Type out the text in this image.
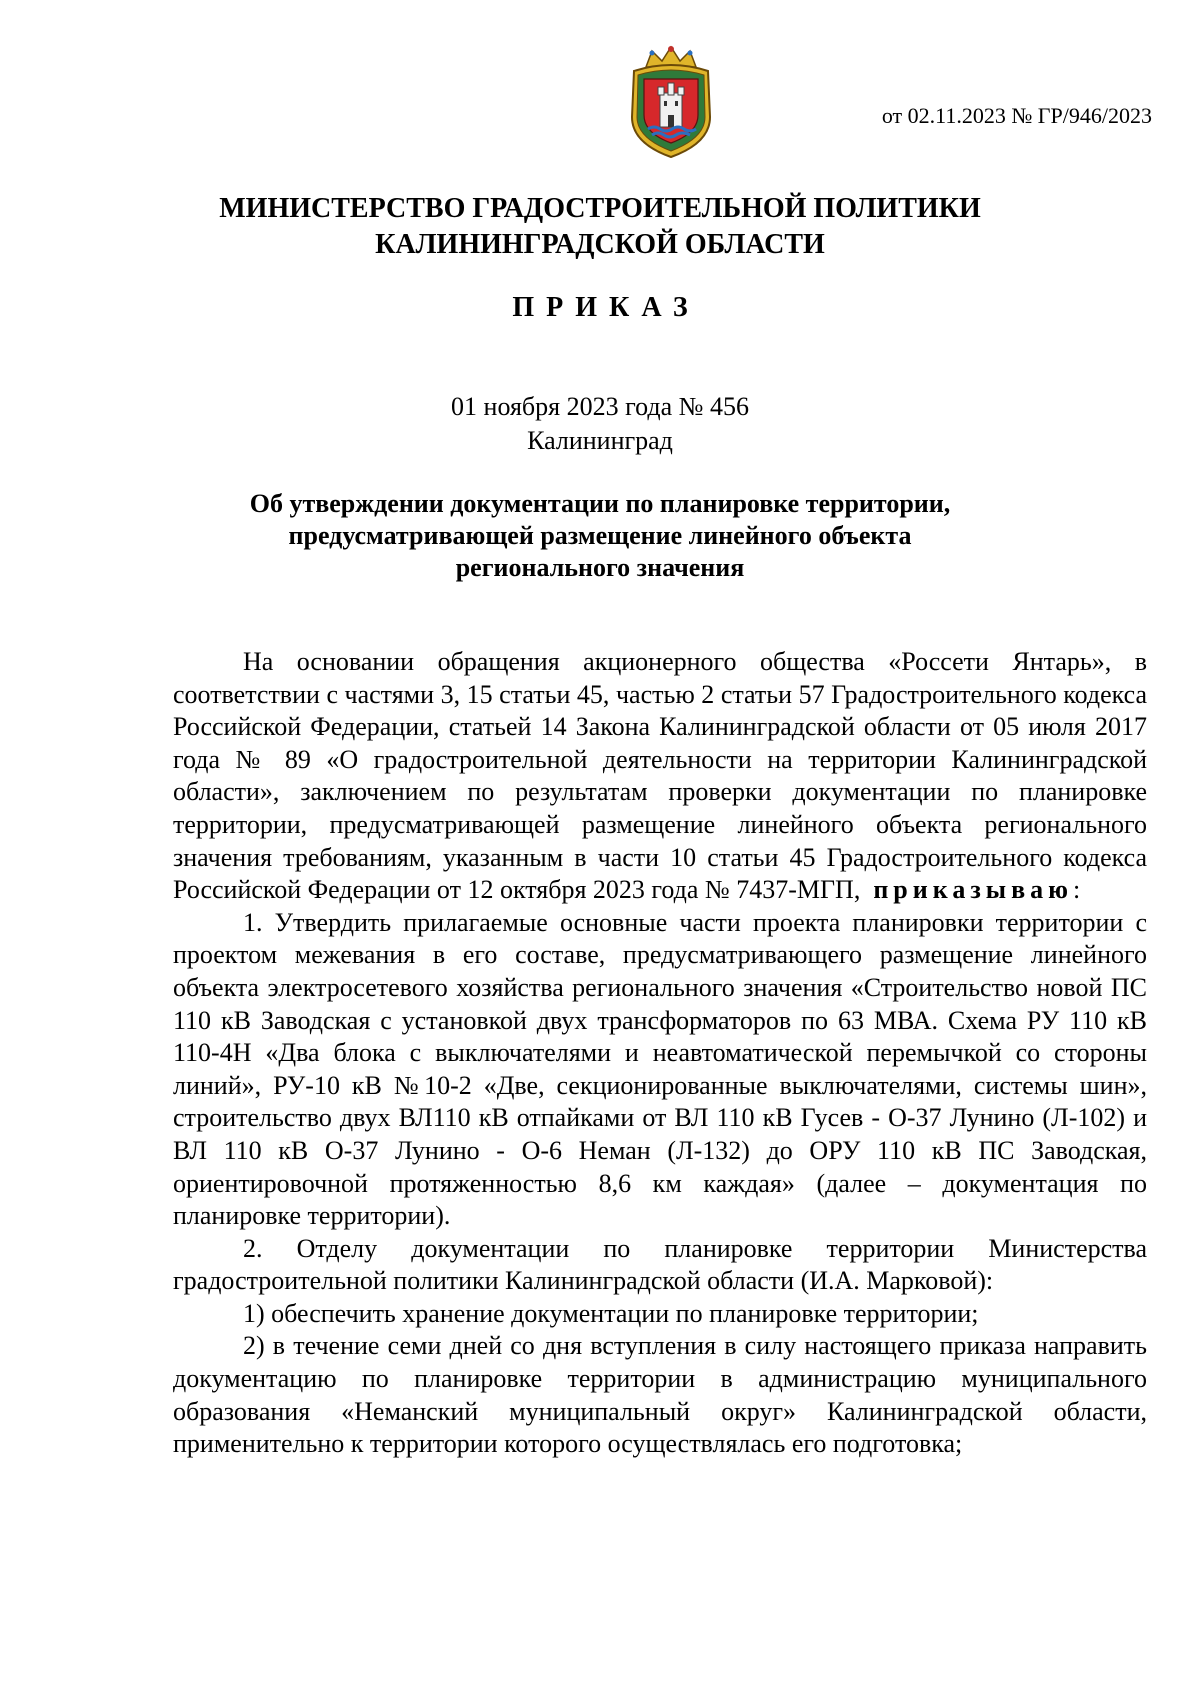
от 02.11.2023 № ГР/946/2023
МИНИСТЕРСТВО ГРАДОСТРОИТЕЛЬНОЙ ПОЛИТИКИ
КАЛИНИНГРАДСКОЙ ОБЛАСТИ
ПРИКАЗ
01 ноября 2023 года № 456
Калининград
Об утверждении документации по планировке территории,
предусматривающей размещение линейного объекта
регионального значения

На основании обращения акционерного общества «Россети Янтарь», в соответствии с частями 3, 15 статьи 45, частью 2 статьи 57 Градостроительного кодекса Российской Федерации, статьей 14 Закона Калининградской области от 05 июля 2017 года № 89 «О градостроительной деятельности на территории Калининградской области», заключением по результатам проверки документации по планировке территории, предусматривающей размещение линейного объекта регионального значения требованиям, указанным в части 10 статьи 45 Градостроительного кодекса Российской Федерации от 12 октября 2023 года № 7437-МГП, приказываю:

1. Утвердить прилагаемые основные части проекта планировки территории с проектом межевания в его составе, предусматривающего размещение линейного объекта электросетевого хозяйства регионального значения «Строительство новой ПС 110 кВ Заводская с установкой двух трансформаторов по 63 МВА. Схема РУ 110 кВ 110-4Н «Два блока с выключателями и неавтоматической перемычкой со стороны линий», РУ-10 кВ №10-2 «Две, секционированные выключателями, системы шин», строительство двух ВЛ110 кВ отпайками от ВЛ 110 кВ Гусев - О-37 Лунино (Л-102) и ВЛ 110 кВ О-37 Лунино - О-6 Неман (Л-132) до ОРУ 110 кВ ПС Заводская, ориентировочной протяженностью 8,6 км каждая» (далее – документация по планировке территории).

2. Отделу документации по планировке территории Министерства градостроительной политики Калининградской области (И.А. Марковой):

1) обеспечить хранение документации по планировке территории;

2) в течение семи дней со дня вступления в силу настоящего приказа направить документацию по планировке территории в администрацию муниципального образования «Неманский муниципальный округ» Калининградской области, применительно к территории которого осуществлялась его подготовка;
